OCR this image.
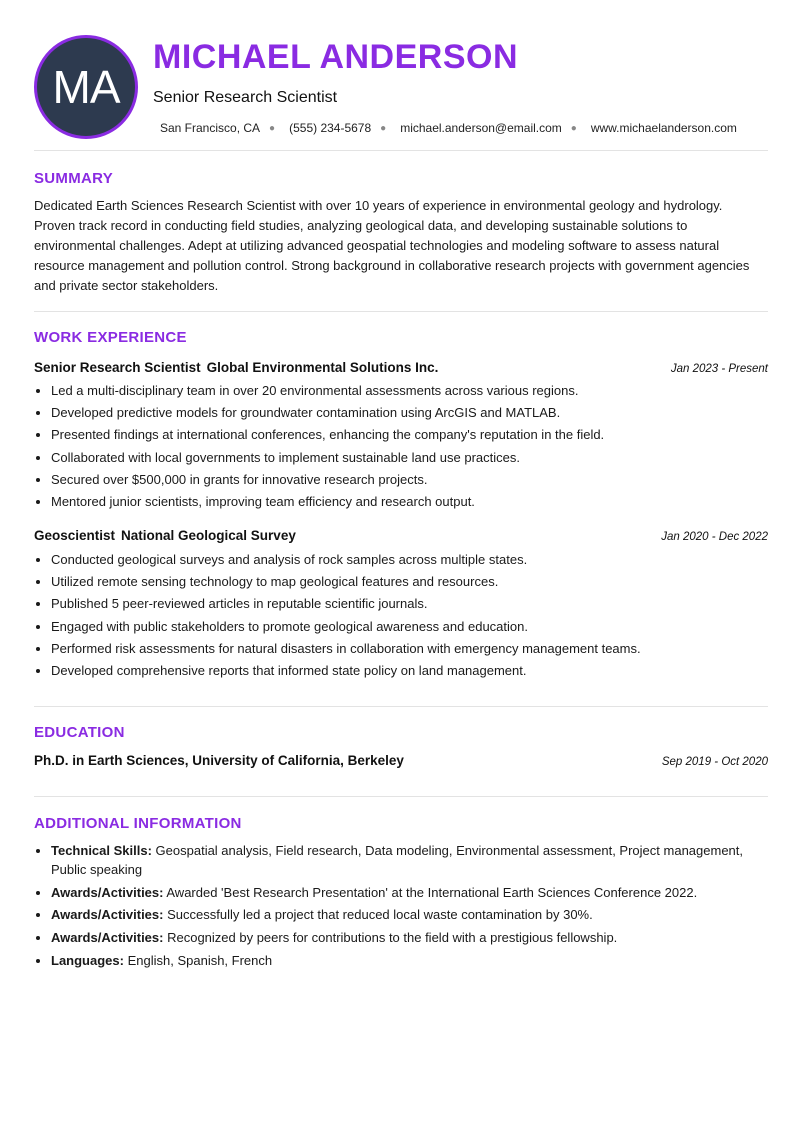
MA
MICHAEL ANDERSON
Senior Research Scientist
San Francisco, CA ● (555) 234-5678 ● michael.anderson@email.com ● www.michaelanderson.com
SUMMARY
Dedicated Earth Sciences Research Scientist with over 10 years of experience in environmental geology and hydrology. Proven track record in conducting field studies, analyzing geological data, and developing sustainable solutions to environmental challenges. Adept at utilizing advanced geospatial technologies and modeling software to assess natural resource management and pollution control. Strong background in collaborative research projects with government agencies and private sector stakeholders.
WORK EXPERIENCE
Senior Research Scientist Global Environmental Solutions Inc.	Jan 2023 - Present
• Led a multi-disciplinary team in over 20 environmental assessments across various regions.
• Developed predictive models for groundwater contamination using ArcGIS and MATLAB.
• Presented findings at international conferences, enhancing the company's reputation in the field.
• Collaborated with local governments to implement sustainable land use practices.
• Secured over $500,000 in grants for innovative research projects.
• Mentored junior scientists, improving team efficiency and research output.
Geoscientist National Geological Survey	Jan 2020 - Dec 2022
• Conducted geological surveys and analysis of rock samples across multiple states.
• Utilized remote sensing technology to map geological features and resources.
• Published 5 peer-reviewed articles in reputable scientific journals.
• Engaged with public stakeholders to promote geological awareness and education.
• Performed risk assessments for natural disasters in collaboration with emergency management teams.
• Developed comprehensive reports that informed state policy on land management.
EDUCATION
Ph.D. in Earth Sciences, University of California, Berkeley	Sep 2019 - Oct 2020
ADDITIONAL INFORMATION
• Technical Skills: Geospatial analysis, Field research, Data modeling, Environmental assessment, Project management, Public speaking
• Awards/Activities: Awarded 'Best Research Presentation' at the International Earth Sciences Conference 2022.
• Awards/Activities: Successfully led a project that reduced local waste contamination by 30%.
• Awards/Activities: Recognized by peers for contributions to the field with a prestigious fellowship.
• Languages: English, Spanish, French
